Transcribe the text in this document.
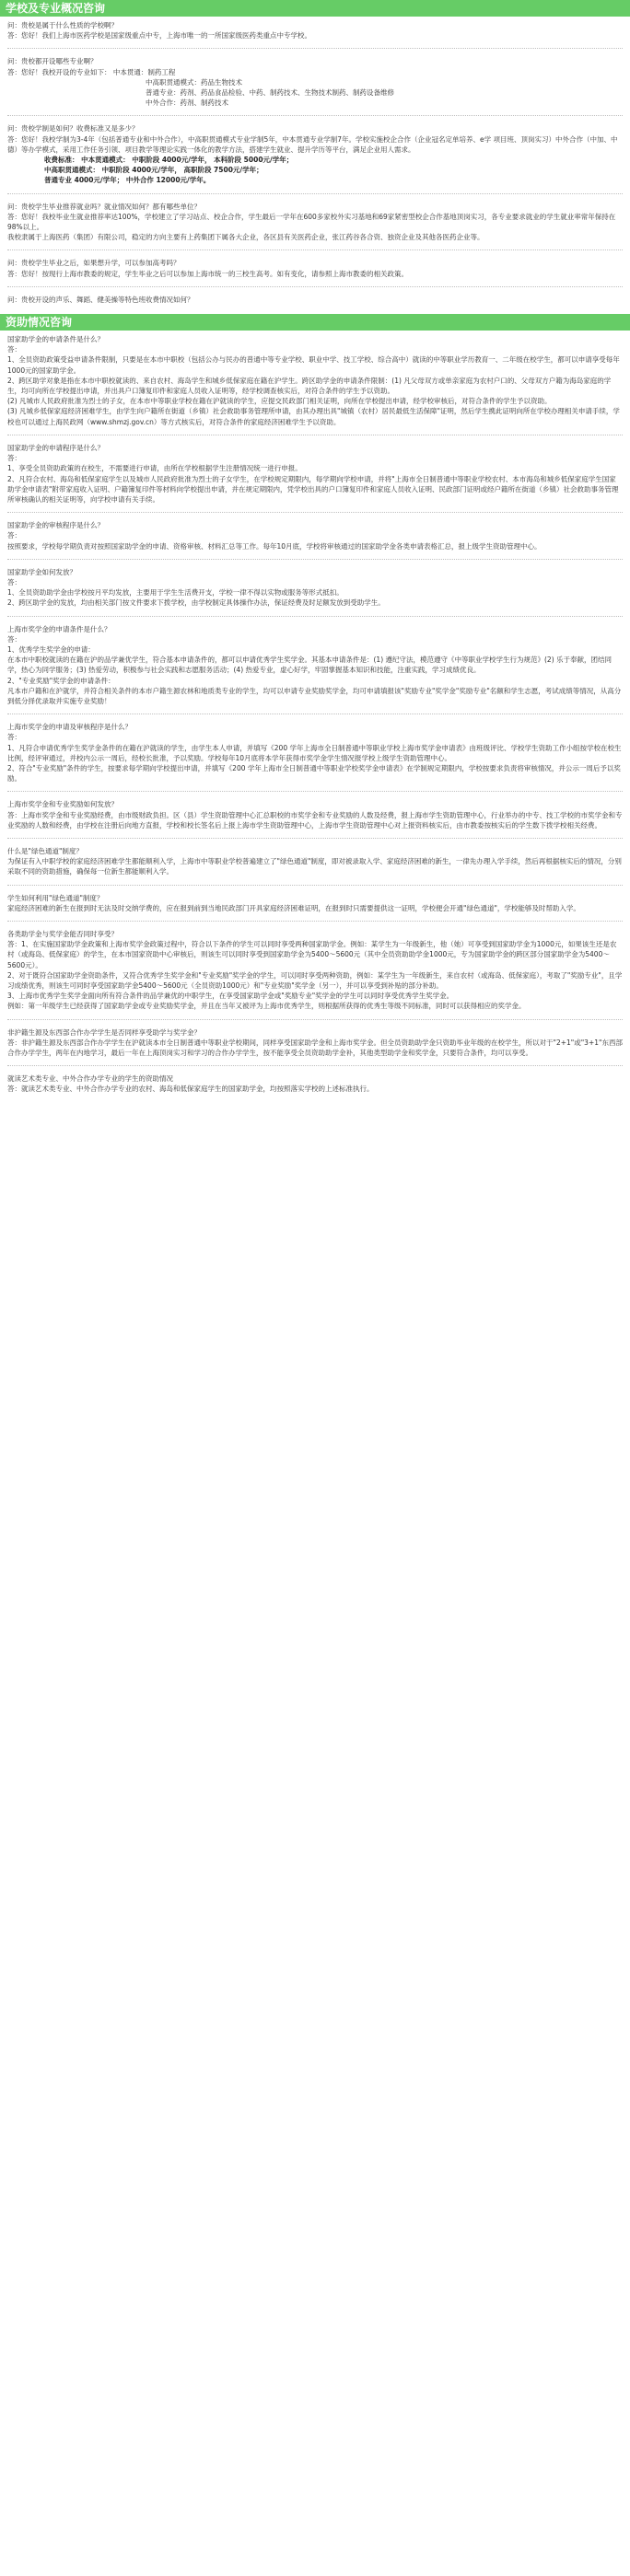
学校及专业概况咨询

问：贵校是属于什么性质的学校啊？

答：您好！我们上海市医药学校是国家级重点中专，上海市唯一的一所国家级医药类重点中专学校。

问：贵校都开设哪些专业啊？

答：您好！我校开设的专业如下： 中本贯通：制药工程

中高职贯通模式：药品生物技术

普通专业：药剂、药品食品检验、中药、制药技术、生物技术制药、制药设备维修

中外合作：药剂、制药技术

问：贵校学制是如何？收费标准又是多少？

答：您好！我校学制为3-4年（包括普通专业和中外合作），中高职贯通模式专业学制5年，中本贯通专业学制7年。学校实施校企合作（企业冠名定单培养、e学 项目班、顶岗实习）中外合作（中加、中德）等办学模式，采用工作任务引领、项目教学等理论实践一体化的教学方法，搭建学生就业、提升学历等平台，满足企业用人需求。

收费标准： 中本贯通模式： 中职阶段 4000元/学年， 本科阶段 5000元/学年；

中高职贯通模式： 中职阶段 4000元/学年， 高职阶段 7500元/学年；

普通专业 4000元/学年； 中外合作 12000元/学年。

问：贵校学生毕业推荐就业吗？就业情况如何？都有哪些单位？

答：您好！我校毕业生就业推荐率达100%，学校建立了学习站点、校企合作，学生最后一学年在600多家校外实习基地和69家紧密型校企合作基地顶岗实习，各专业要求就业的学生就业率常年保持在98%以上。

我校隶属于上海医药（集团）有限公司，稳定的方向主要有上药集团下属各大企业，各区县有关医药企业，张江药谷各合资、独资企业及其他各医药企业等。

问：贵校学生毕业之后，如果想升学，可以参加高考吗？

答：您好！按现行上海市教委的规定，学生毕业之后可以参加上海市统一的三校生高考。如有变化，请参照上海市教委的相关政策。

问：贵校开设的声乐、舞蹈、健美操等特色班收费情况如何？

资助情况咨询

国家助学金的申请条件是什么？

答：

1、全员资助政策受益申请条件限制，只要是在本市中职校（包括公办与民办的普通中等专业学校、职业中学、技工学校、综合高中）就读的中等职业学历教育一、二年级在校学生，都可以申请享受每年1000元的国家助学金。

2、跨区助学对象是指在本市中职校就读的、来自农村、海岛学生和城乡低保家庭在籍在沪学生。跨区助学金的申请条件限制：(1) 凡父母双方或单亲家庭为农村户口的、父母双方户籍为海岛家庭的学生，均可向所在学校提出申请，并出具户口簿复印件和家庭人员收入证明等，经学校调查核实后，对符合条件的学生予以资助。

(2) 凡城市人民政府批准为烈士的子女，在本市中等职业学校在籍在沪就读的学生，应提交民政部门相关证明，向所在学校提出申请，经学校审核后，对符合条件的学生予以资助。

(3) 凡城乡低保家庭经济困难学生，由学生向户籍所在街道（乡镇）社会救助事务管理所申请，由其办理出具"城镇（农村）居民最低生活保障"证明，然后学生携此证明向所在学校办理相关申请手续，学校也可以通过上海民政网（www.shmzj.gov.cn）等方式核实后，对符合条件的家庭经济困难学生予以资助。

国家助学金的申请程序是什么？

答：

1、享受全员资助政策的在校生，不需要进行申请，由所在学校根据学生注册情况统一进行申报。

2、凡符合农村、海岛和低保家庭学生以及城市人民政府批准为烈士的子女学生，在学校规定期限内，每学期向学校申请，并将"上海市全日制普通中等职业学校农村、本市海岛和城乡低保家庭学生国家助学金申请表"附带家庭收入证明、户籍簿复印件等材料向学校提出申请，并在规定期限内，凭学校出具的户口簿复印件和家庭人员收入证明、民政部门证明或经户籍所在街道（乡镇）社会救助事务管理所审核确认的相关证明等，向学校申请有关手续。

国家助学金的审核程序是什么？

答：

按照要求，学校每学期负责对按照国家助学金的申请、资格审核、材料汇总等工作。每年10月底，学校将审核通过的国家助学金各类申请表格汇总，报上级学生资助管理中心。

国家助学金如何发放？

答：

1、全员资助助学金由学校按月平均发放，主要用于学生生活费开支，学校一律不得以实物或服务等形式抵扣。

2、跨区助学金的发放，均由相关部门按文件要求下拨学校，由学校制定具体操作办法，保证经费及时足额发放到受助学生。

上海市奖学金的申请条件是什么？

答：

1、优秀学生奖学金的申请：

在本市中职校就读的在籍在沪的品学兼优学生，符合基本申请条件的，都可以申请优秀学生奖学金。其基本申请条件是：(1) 遵纪守法，模范遵守《中等职业学校学生行为规范》(2) 乐于奉献，团结同学，热心为同学服务；(3) 热爱劳动，积极参与社会实践和志愿服务活动；(4) 热爱专业，虚心好学，牢固掌握基本知识和技能，注重实践，学习成绩优良。

2、"专业奖励"奖学金的申请条件：

凡本市户籍和在沪就学，并符合相关条件的本市户籍生源农林和地质类专业的学生，均可以申请专业奖励奖学金，均可申请填报该"奖励专业"奖学金"奖励专业"名额和学生志愿，考试成绩等情况，从高分到低分择优录取并实施专业奖励！

上海市奖学金的申请及审核程序是什么？

答：

1、凡符合申请优秀学生奖学金条件的在籍在沪就读的学生，由学生本人申请，并填写《200 学年上海市全日制普通中等职业学校上海市奖学金申请表》由班级评比、学校学生资助工作小组按学校在校生比例，经评审通过，并校内公示一周后，经校长批准，予以奖励。学校每年10月底将本学年获得市奖学金学生情况报学校上级学生资助管理中心。

2、符合"专业奖励"条件的学生，按要求每学期向学校提出申请，并填写《200 学年上海市全日制普通中等职业学校奖学金申请表》在学制规定期限内，学校按要求负责将审核情况，并公示一周后予以奖励。

上海市奖学金和专业奖励如何发放？

答：上海市奖学金和专业奖励经费，由市级财政负担。区（县）学生资助管理中心汇总职校的市奖学金和专业奖励的人数及经费，报上海市学生资助管理中心，行业举办的中专、技工学校的市奖学金和专业奖励的人数和经费，由学校在注册后向地方直报，学校和校长签名后上报上海市学生资助管理中心，上海市学生资助管理中心对上报资料核实后，由市教委按核实后的学生数下拨学校相关经费。

什么是"绿色通道"制度？

为保证有入中职学校的家庭经济困难学生都能顺利入学，上海市中等职业学校普遍建立了"绿色通道"制度，即对被录取入学、家庭经济困难的新生，一律先办理入学手续，然后再根据核实后的情况，分别采取不同的资助措施，确保每一位新生都能顺利入学。

学生如何利用"绿色通道"制度？

家庭经济困难的新生在报到时无法及时交纳学费的，应在报到前到当地民政部门开具家庭经济困难证明，在报到时只需要提供这一证明，学校便会开通"绿色通道"，学校能够及时帮助入学。

各类助学金与奖学金能否同时享受？

答：1、在实施国家助学金政策和上海市奖学金政策过程中，符合以下条件的学生可以同时享受两种国家助学金。例如：某学生为一年级新生，他（她）可享受到国家助学金为1000元，如果该生还是农村（或海岛、低保家庭）的学生，在本市国家资助中心审核后，则该生可以同时享受到国家助学金为5400～5600元（其中全员资助助学金1000元，专为国家助学金的跨区部分国家助学金为5400～5600元）。

2、对于既符合国家助学金资助条件，又符合优秀学生奖学金和"专业奖励"奖学金的学生，可以同时享受两种资助，例如：某学生为一年级新生，来自农村（或海岛、低保家庭），考取了"奖励专业"，且学习成绩优秀，则该生可同时享受国家助学金5400～5600元（全员资助1000元）和"专业奖励"奖学金（另一），并可以享受到补贴的部分补助。

3、上海市优秀学生奖学金面向所有符合条件的品学兼优的中职学生，在享受国家助学金或"奖励专业"奖学金的学生可以同时享受优秀学生奖学金。

例如：第一年级学生已经获得了国家助学金或专业奖励奖学金，并且在当年又被评为上海市优秀学生，则根据所获得的优秀生等级不同标准，同时可以获得相应的奖学金。

非沪籍生源及东西部合作办学学生是否同样享受助学与奖学金？

答：非沪籍生源及东西部合作办学学生在沪就读本市全日制普通中等职业学校期间，同样享受国家助学金和上海市奖学金。但全员资助助学金只资助毕业年级的在校学生，所以对于"2+1"或"3+1"东西部合作办学学生，两年在内地学习，最后一年在上海顶岗实习和学习的合作办学学生，按不能享受全员资助助学金补，其他类型助学金和奖学金，只要符合条件，均可以享受。

就读艺术类专业、中外合作办学专业的学生的资助情况

答：就读艺术类专业、中外合作办学专业的农村、海岛和低保家庭学生的国家助学金，均按照落实学校的上述标准执行。
